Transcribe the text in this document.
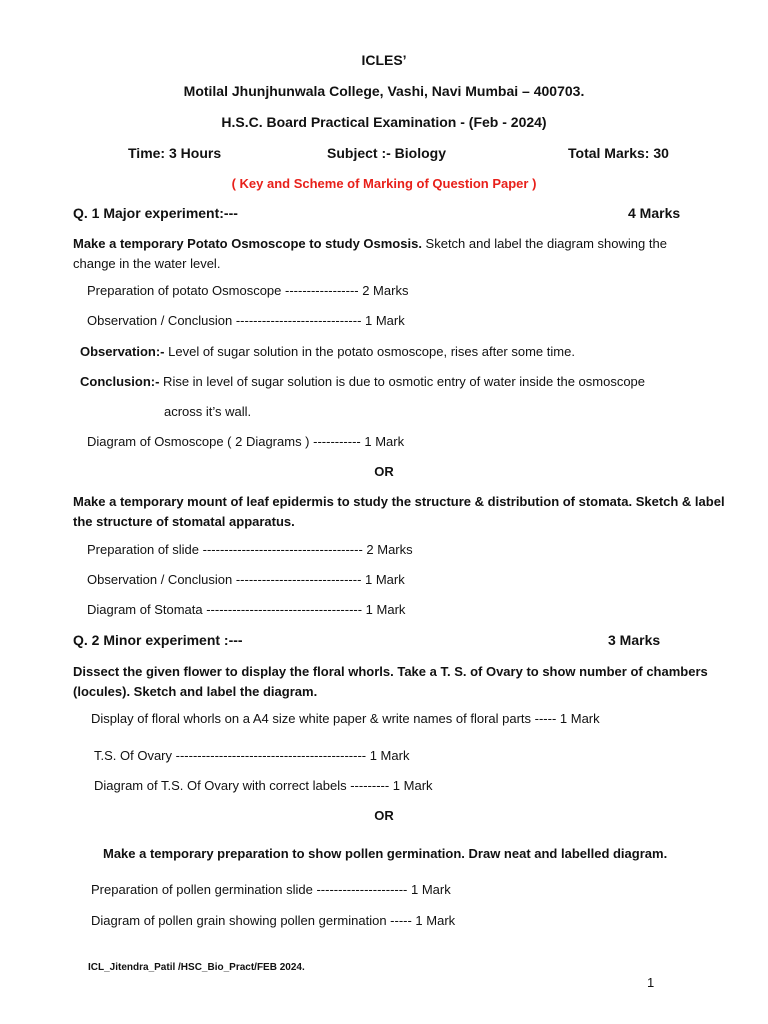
ICLES’
Motilal Jhunjhunwala College, Vashi, Navi Mumbai – 400703.
H.S.C. Board Practical Examination - (Feb - 2024)
Time: 3 Hours	Subject :- Biology	Total Marks: 30
( Key and Scheme of Marking of Question Paper )
Q. 1 Major experiment:---	4 Marks
Make a temporary Potato Osmoscope to study Osmosis. Sketch and label the diagram showing the change in the water level.
Preparation of potato Osmoscope ----------------- 2 Marks
Observation / Conclusion ----------------------------- 1 Mark
Observation:- Level of sugar solution in the potato osmoscope, rises after some time.
Conclusion:- Rise in level of sugar solution is due to osmotic entry of water inside the osmoscope
across it’s wall.
Diagram of Osmoscope ( 2 Diagrams ) ----------- 1 Mark
OR
Make a temporary mount of leaf epidermis to study the structure & distribution of stomata. Sketch & label the structure of stomatal apparatus.
Preparation of slide ------------------------------------- 2 Marks
Observation / Conclusion ----------------------------- 1 Mark
Diagram of Stomata ------------------------------------ 1 Mark
Q. 2 Minor experiment :---	3 Marks
Dissect the given flower to display the floral whorls. Take a T. S. of Ovary to show number of chambers (locules). Sketch and label the diagram.
Display of floral whorls on a A4 size white paper & write names of floral parts ----- 1 Mark
T.S. Of Ovary -------------------------------------------- 1 Mark
Diagram of T.S. Of Ovary with correct labels --------- 1 Mark
OR
Make a temporary preparation to show pollen germination. Draw neat and labelled diagram.
Preparation of pollen germination slide --------------------- 1 Mark
Diagram of pollen grain showing pollen germination ----- 1 Mark
ICL_Jitendra_Patil /HSC_Bio_Pract/FEB 2024.
1
